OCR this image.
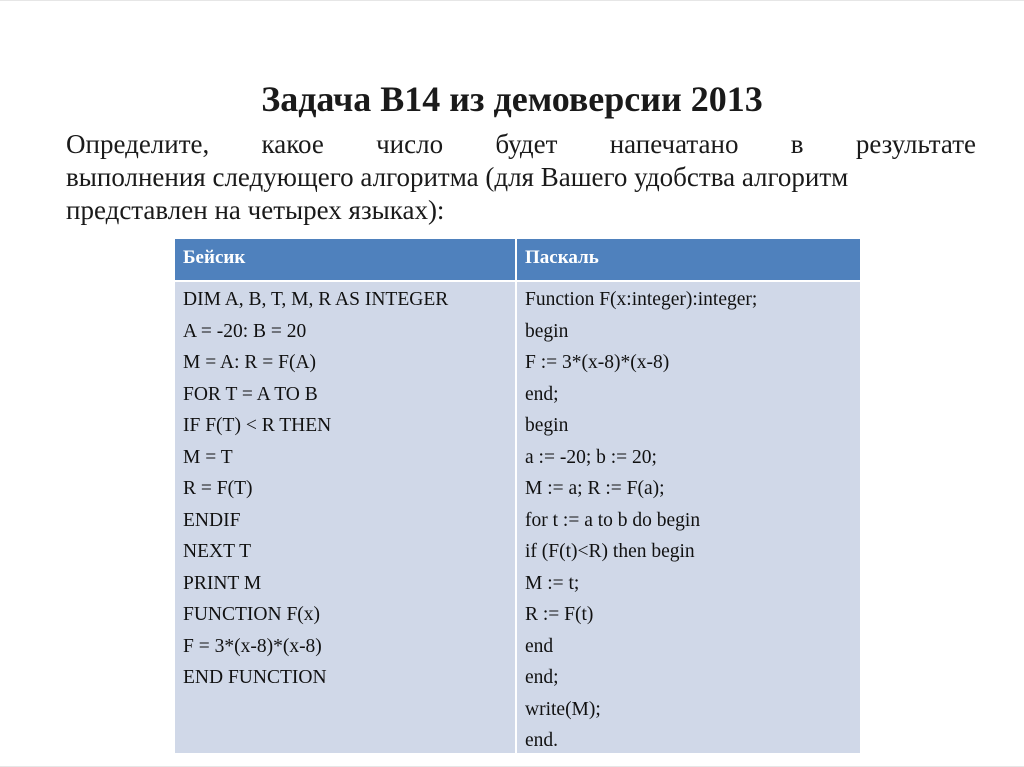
Задача B14 из демоверсии 2013
Определите, какое число будет напечатано в результате
выполнения следующего алгоритма (для Вашего удобства алгоритм
представлен на четырех языках):
Бейсик	Паскаль
DIM A, B, T, M, R AS INTEGER
A = -20: B = 20
M = A: R = F(A)
FOR T = A TO B
IF F(T) < R THEN
M = T
R = F(T)
ENDIF
NEXT T
PRINT M
FUNCTION F(x)
F = 3*(x-8)*(x-8)
END FUNCTION
Function F(x:integer):integer;
begin
F := 3*(x-8)*(x-8)
end;
begin
a := -20; b := 20;
M := a; R := F(a);
for t := a to b do begin
if (F(t)<R) then begin
M := t;
R := F(t)
end
end;
write(M);
end.
